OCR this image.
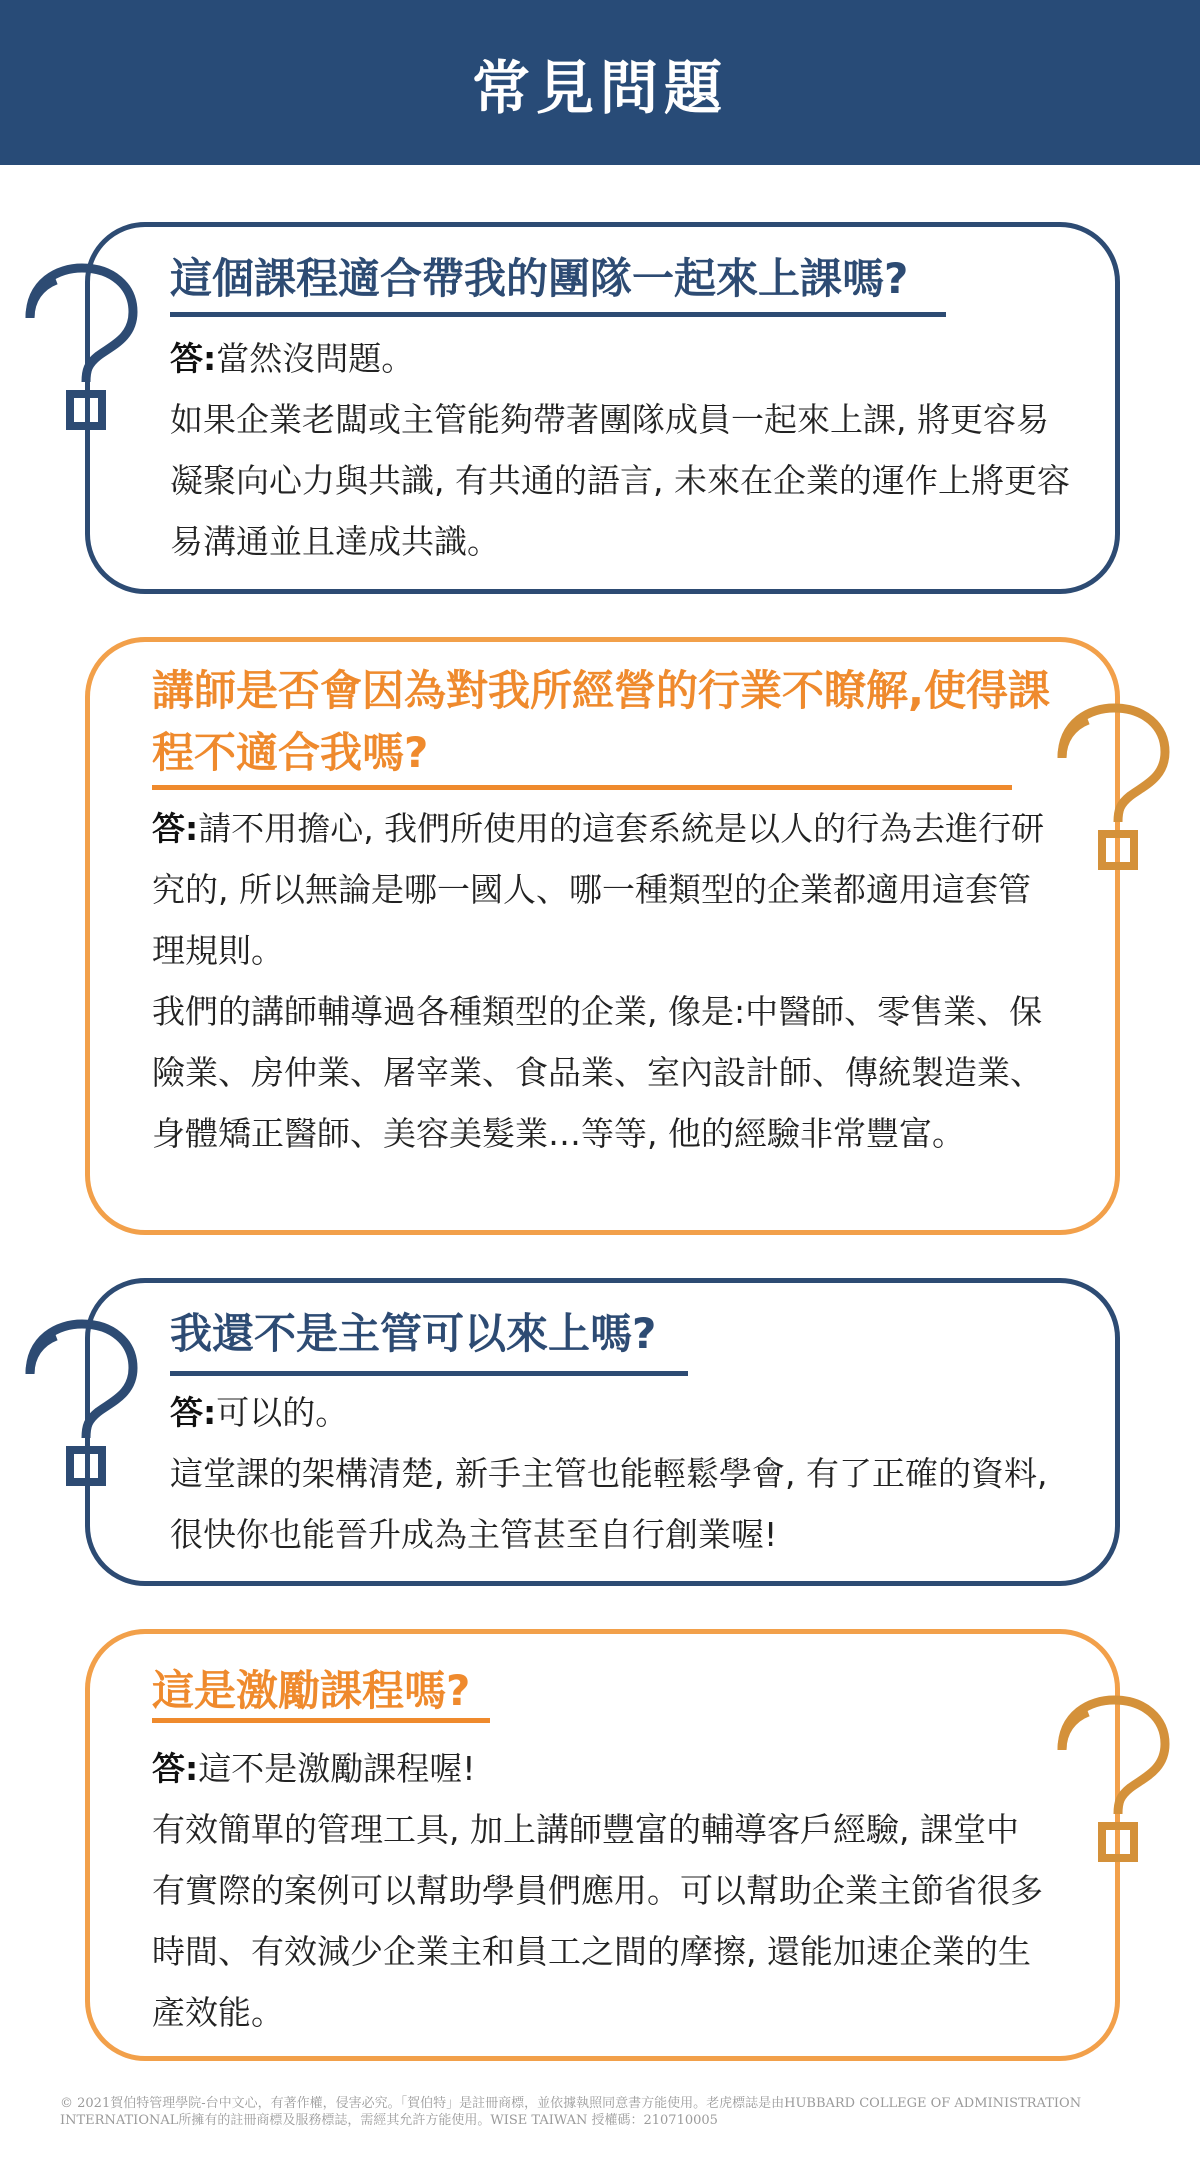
常見問題
這個課程適合帶我的團隊一起來上課嗎?

答:當然沒問題。

如果企業老闆或主管能夠帶著團隊成員一起來上課, 將更容易凝聚向心力與共識, 有共通的語言, 未來在企業的運作上將更容易溝通並且達成共識。

講師是否會因為對我所經營的行業不瞭解,使得課程不適合我嗎?

答:請不用擔心, 我們所使用的這套系統是以人的行為去進行研究的, 所以無論是哪一國人、哪一種類型的企業都適用這套管理規則。

我們的講師輔導過各種類型的企業, 像是:中醫師、零售業、保險業、房仲業、屠宰業、食品業、室內設計師、傳統製造業、身體矯正醫師、美容美髮業…等等, 他的經驗非常豐富。

我還不是主管可以來上嗎?

答:可以的。

這堂課的架構清楚, 新手主管也能輕鬆學會, 有了正確的資料, 很快你也能晉升成為主管甚至自行創業喔!

這是激勵課程嗎?

答:這不是激勵課程喔!

有效簡單的管理工具, 加上講師豐富的輔導客戶經驗, 課堂中有實際的案例可以幫助學員們應用。可以幫助企業主節省很多時間、有效減少企業主和員工之間的摩擦, 還能加速企業的生產效能。

© 2021賀伯特管理學院-台中文心，有著作權，侵害必究。「賀伯特」是註冊商標，並依據執照同意書方能使用。老虎標誌是由HUBBARD COLLEGE OF ADMINISTRATION INTERNATIONAL所擁有的註冊商標及服務標誌，需經其允許方能使用。WISE TAIWAN 授權碼：210710005
